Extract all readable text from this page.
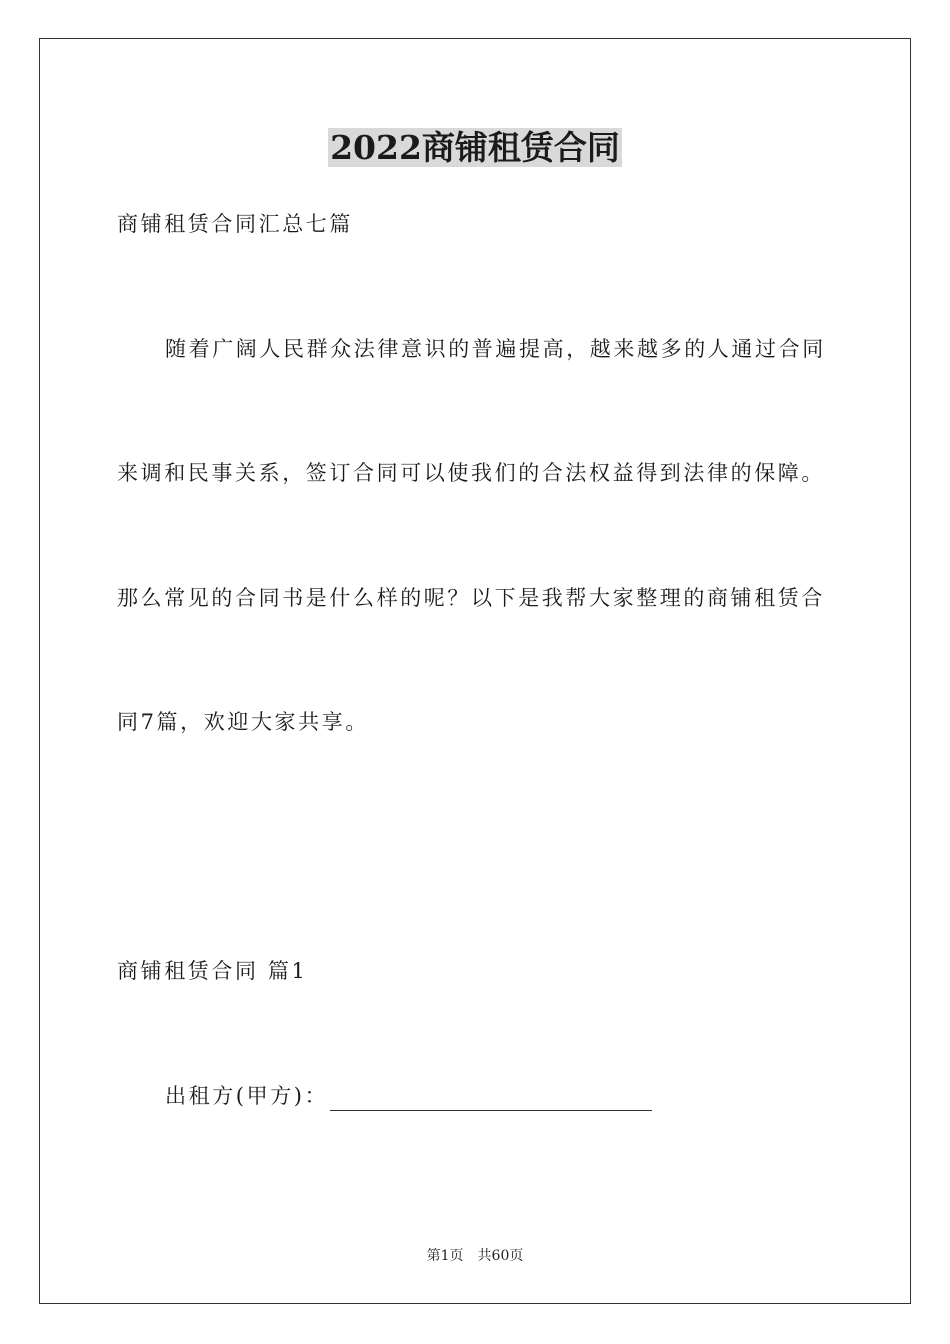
2022商铺租赁合同
商铺租赁合同汇总七篇
随着广阔人民群众法律意识的普遍提高，越来越多的人通过合同
来调和民事关系，签订合同可以使我们的合法权益得到法律的保障。
那么常见的合同书是什么样的呢？以下是我帮大家整理的商铺租赁合
同7篇，欢迎大家共享。
商铺租赁合同 篇1
出租方(甲方)：
第1页 共60页
